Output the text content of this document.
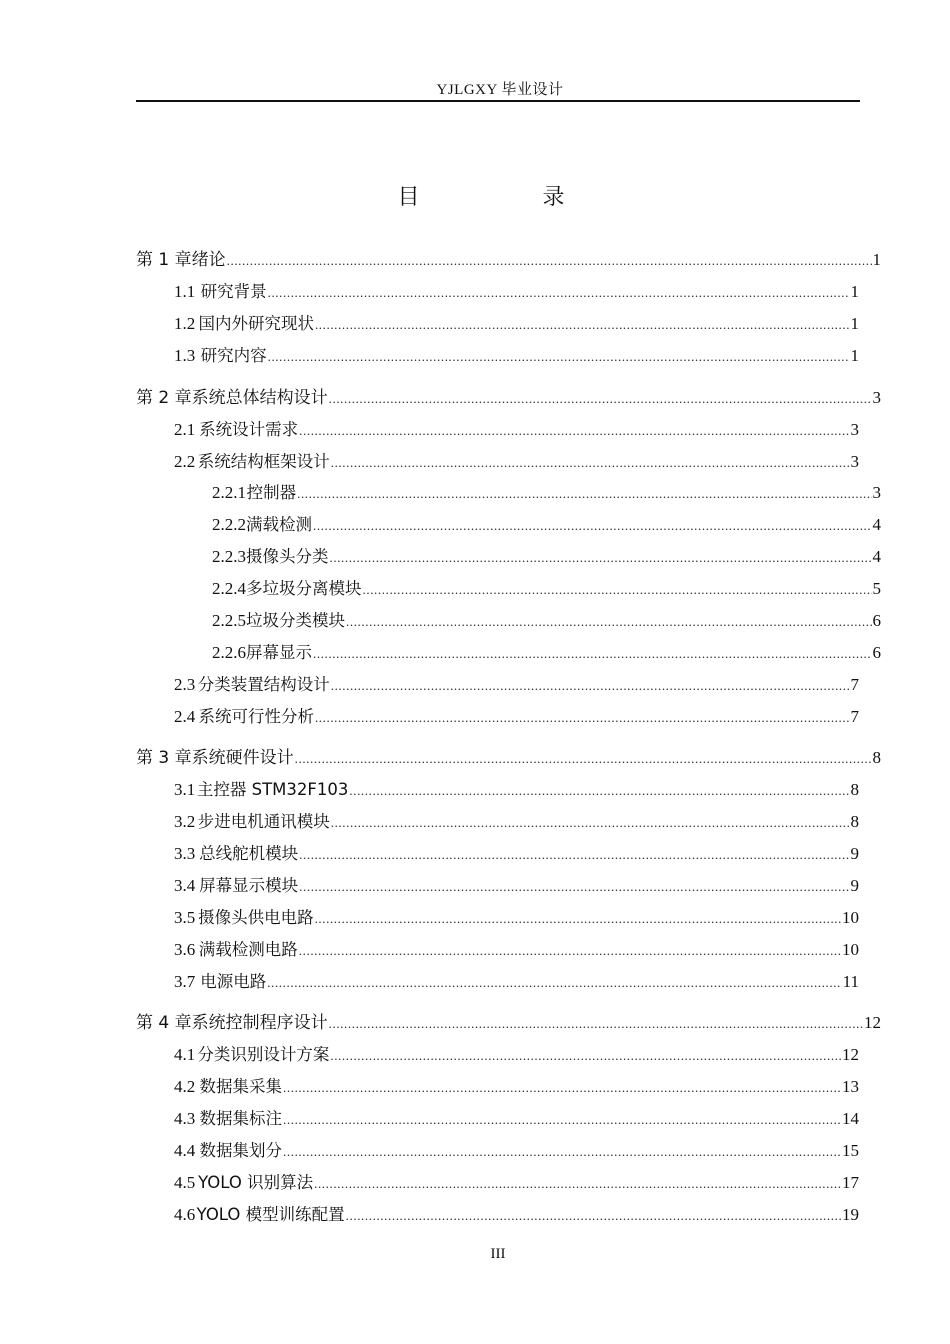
YJLGXY 毕业设计
目 录
第 1 章 绪论 .....	1
1.1 研究背景 .....	1
1.2 国内外研究现状 .....	1
1.3 研究内容 .....	1
第 2 章 系统总体结构设计 .....	3
2.1 系统设计需求 .....	3
2.2 系统结构框架设计 .....	3
2.2.1 控制器 .....	3
2.2.2 满载检测 .....	4
2.2.3 摄像头分类 .....	4
2.2.4 多垃圾分离模块 .....	5
2.2.5 垃圾分类模块 .....	6
2.2.6 屏幕显示 .....	6
2.3 分类装置结构设计 .....	7
2.4 系统可行性分析 .....	7
第 3 章 系统硬件设计 .....	8
3.1 主控器 STM32F103 .....	8
3.2 步进电机通讯模块 .....	8
3.3 总线舵机模块 .....	9
3.4 屏幕显示模块 .....	9
3.5 摄像头供电电路 .....	10
3.6 满载检测电路 .....	10
3.7 电源电路 .....	11
第 4 章 系统控制程序设计 .....	12
4.1 分类识别设计方案 .....	12
4.2 数据集采集 .....	13
4.3 数据集标注 .....	14
4.4 数据集划分 .....	15
4.5 YOLO 识别算法 .....	17
4.6 YOLO 模型训练配置 .....	19
III
